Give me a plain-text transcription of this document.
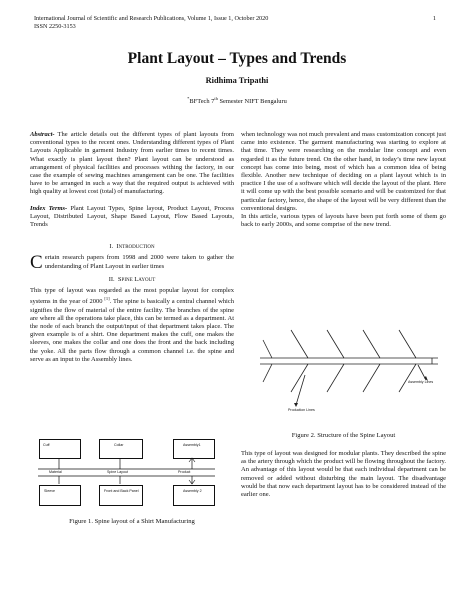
International Journal of Scientific and Research Publications, Volume 1, Issue 1, October 2020
ISSN 2250-3153
1
Plant Layout – Types and Trends
Ridhima Tripathi
*BFTech 7th Semester NIFT Bengaluru

Abstract- The article details out the different types of plant layouts from conventional types to the recent ones. Understanding different types of Plant Layouts Applicable in garment Industry from earlier times to recent times. What exactly is plant layout then? Plant layout can be understood as arrangement of physical facilities and processes withing the factory, in our case the example of sewing machines arrangement can be one. The facilities have to be arranged in such a way that the required output is achieved with high quality at lowest cost (total) of manufacturing.

Index Terms- Plant Layout Types, Spine layout, Product Layout, Process Layout, Distributed Layout, Shape Based Layout, Flow Based Layouts, Trends

I. Introduction

Certain research papers from 1998 and 2000 were taken to gather the understanding of Plant Layout in earlier times

II. Spine Layout

This type of layout was regarded as the most popular layout for complex systems in the year of 2000 [1]. The spine is basically a central channel which signifies the flow of material of the entire facility. The branches of the spine are where all the operations take place, this can be termed as a department. At the node of each branch the output/input of that department takes place. The given example is of a shirt. One department makes the cuff, one makes the sleeves, one makes the collar and one does the front and the back including the yoke. All the parts flow through a common channel i.e. the spine and serve as an input to the Assembly lines.

Cuff	Collar	Assembly1
Material	Spine Layout	Product
Sleeve	Front and Back Panel	Assembly 2
Figure 1. Spine layout of a Shirt Manufacturing

when technology was not much prevalent and mass customization concept just came into existence. The garment manufacturing was starting to explore at that time. They were researching on the modular line concept and even regarded it as the future trend. On the other hand, in today’s time new layout concept has come into being, most of which has a common idea of being flexible. Another new technique of deciding on a plant layout which is in practice I the use of a software which will decide the layout of the plant. Here it will come up with the best possible scenario and will be customized for that particular factory, hence, the shape of the layout will be very different than the conventional designs.

In this article, various types of layouts have been put forth some of them go back to early 2000s, and some comprise of the new trend.

Assembly Lines
Production Lines
Figure 2. Structure of the Spine Layout

This type of layout was designed for modular plants. They described the spine as the artery through which the product will be flowing throughout the factory. An advantage of this layout would be that each individual department can be removed or added without disturbing the main layout. The disadvantage would be that now each department layout has to be considered instead of the earlier one.
